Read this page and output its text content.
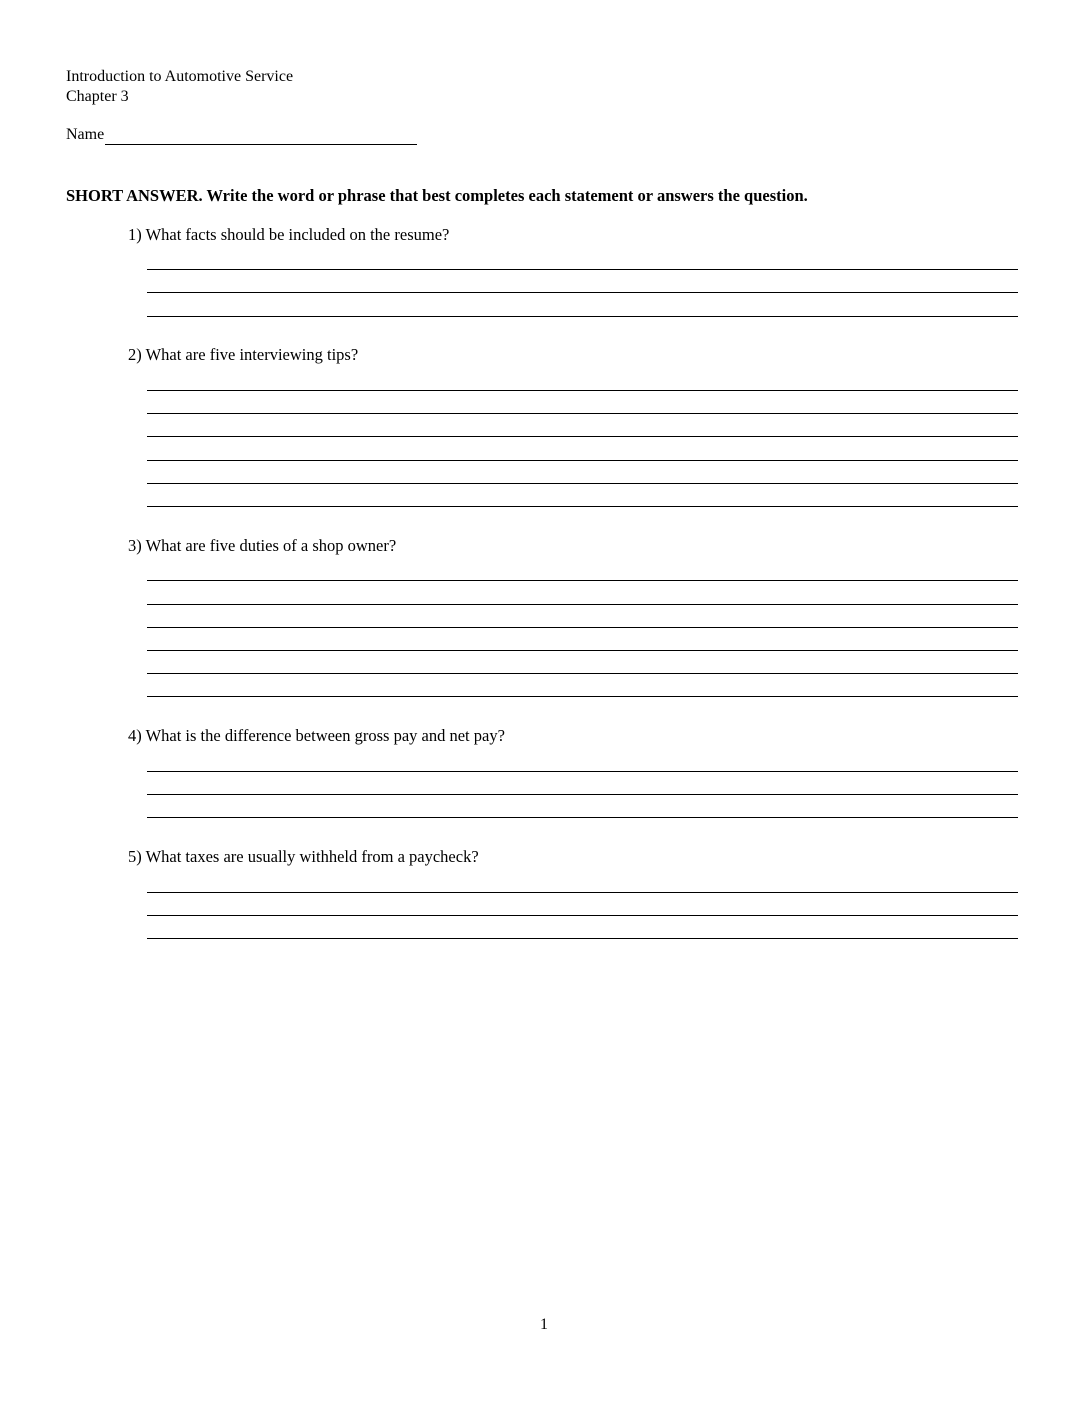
Introduction to Automotive Service
Chapter 3
Name
SHORT ANSWER. Write the word or phrase that best completes each statement or answers the question.
1) What facts should be included on the resume?
2) What are five interviewing tips?
3) What are five duties of a shop owner?
4) What is the difference between gross pay and net pay?
5) What taxes are usually withheld from a paycheck?
1
